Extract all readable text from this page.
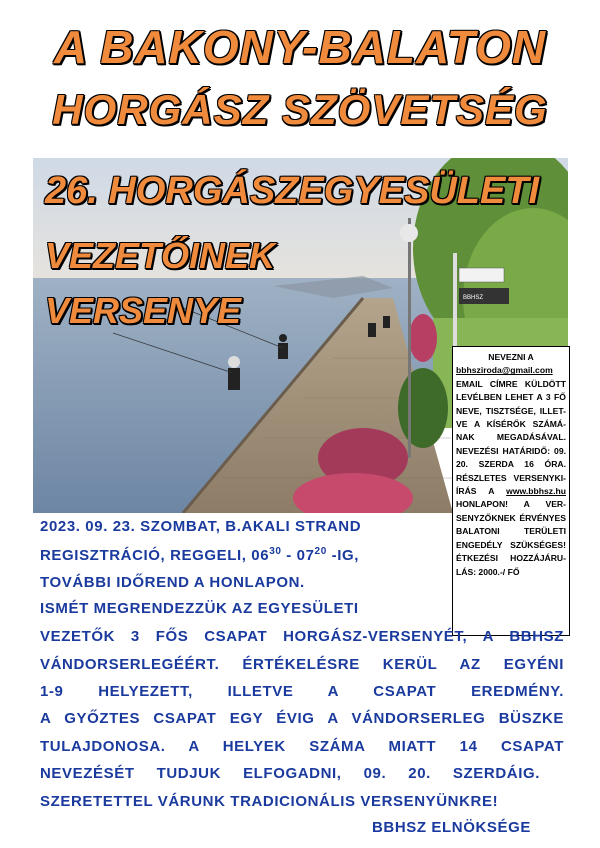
A BAKONY-BALATON
HORGÁSZ SZÖVETSÉG
BBHSZ
26. HORGÁSZEGYESÜLETI
VEZETŐINEK
VERSENYE
NEVEZNI A
bbhsziroda@gmail.com EMAIL CÍMRE KÜLDÖTT LEVÉLBEN LEHET A 3 FŐ NEVE, TISZTSÉGE, ILLET-VE A KÍSÉRŐK SZÁMÁ-NAK MEGADÁSÁVAL. NEVEZÉSI HATÁRIDŐ: 09. 20. SZERDA 16 ÓRA. RÉSZLETES VERSENYKI-ÍRÁS A www.bbhsz.hu HONLAPON! A VER-SENYZŐKNEK ÉRVÉNYES BALATONI TERÜLETI ENGEDÉLY SZÜKSÉGES! ÉTKEZÉSI HOZZÁJÁRU-LÁS: 2000.-/ FŐ
2023. 09. 23. SZOMBAT, B.AKALI STRAND
REGISZTRÁCIÓ, REGGELI, $06^{30} - 07^{20}$ -IG,
TOVÁBBI IDŐREND A HONLAPON.
ISMÉT MEGRENDEZZÜK AZ EGYESÜLETI
VEZETŐK 3 FŐS CSAPAT HORGÁSZ-VERSENYÉT, A BBHSZ
VÁNDORSERLEGÉÉRT. ÉRTÉKELÉSRE KERÜL AZ EGYÉNI
1-9 HELYEZETT, ILLETVE A CSAPAT EREDMÉNY.
A GYŐZTES CSAPAT EGY ÉVIG A VÁNDORSERLEG BÜSZKE
TULAJDONOSA. A HELYEK SZÁMA MIATT 14 CSAPAT
NEVEZÉSÉT TUDJUK ELFOGADNI, 09. 20. SZERDÁIG.
SZERETETTEL VÁRUNK TRADICIONÁLIS VERSENYÜNKRE!
BBHSZ ELNÖKSÉGE
